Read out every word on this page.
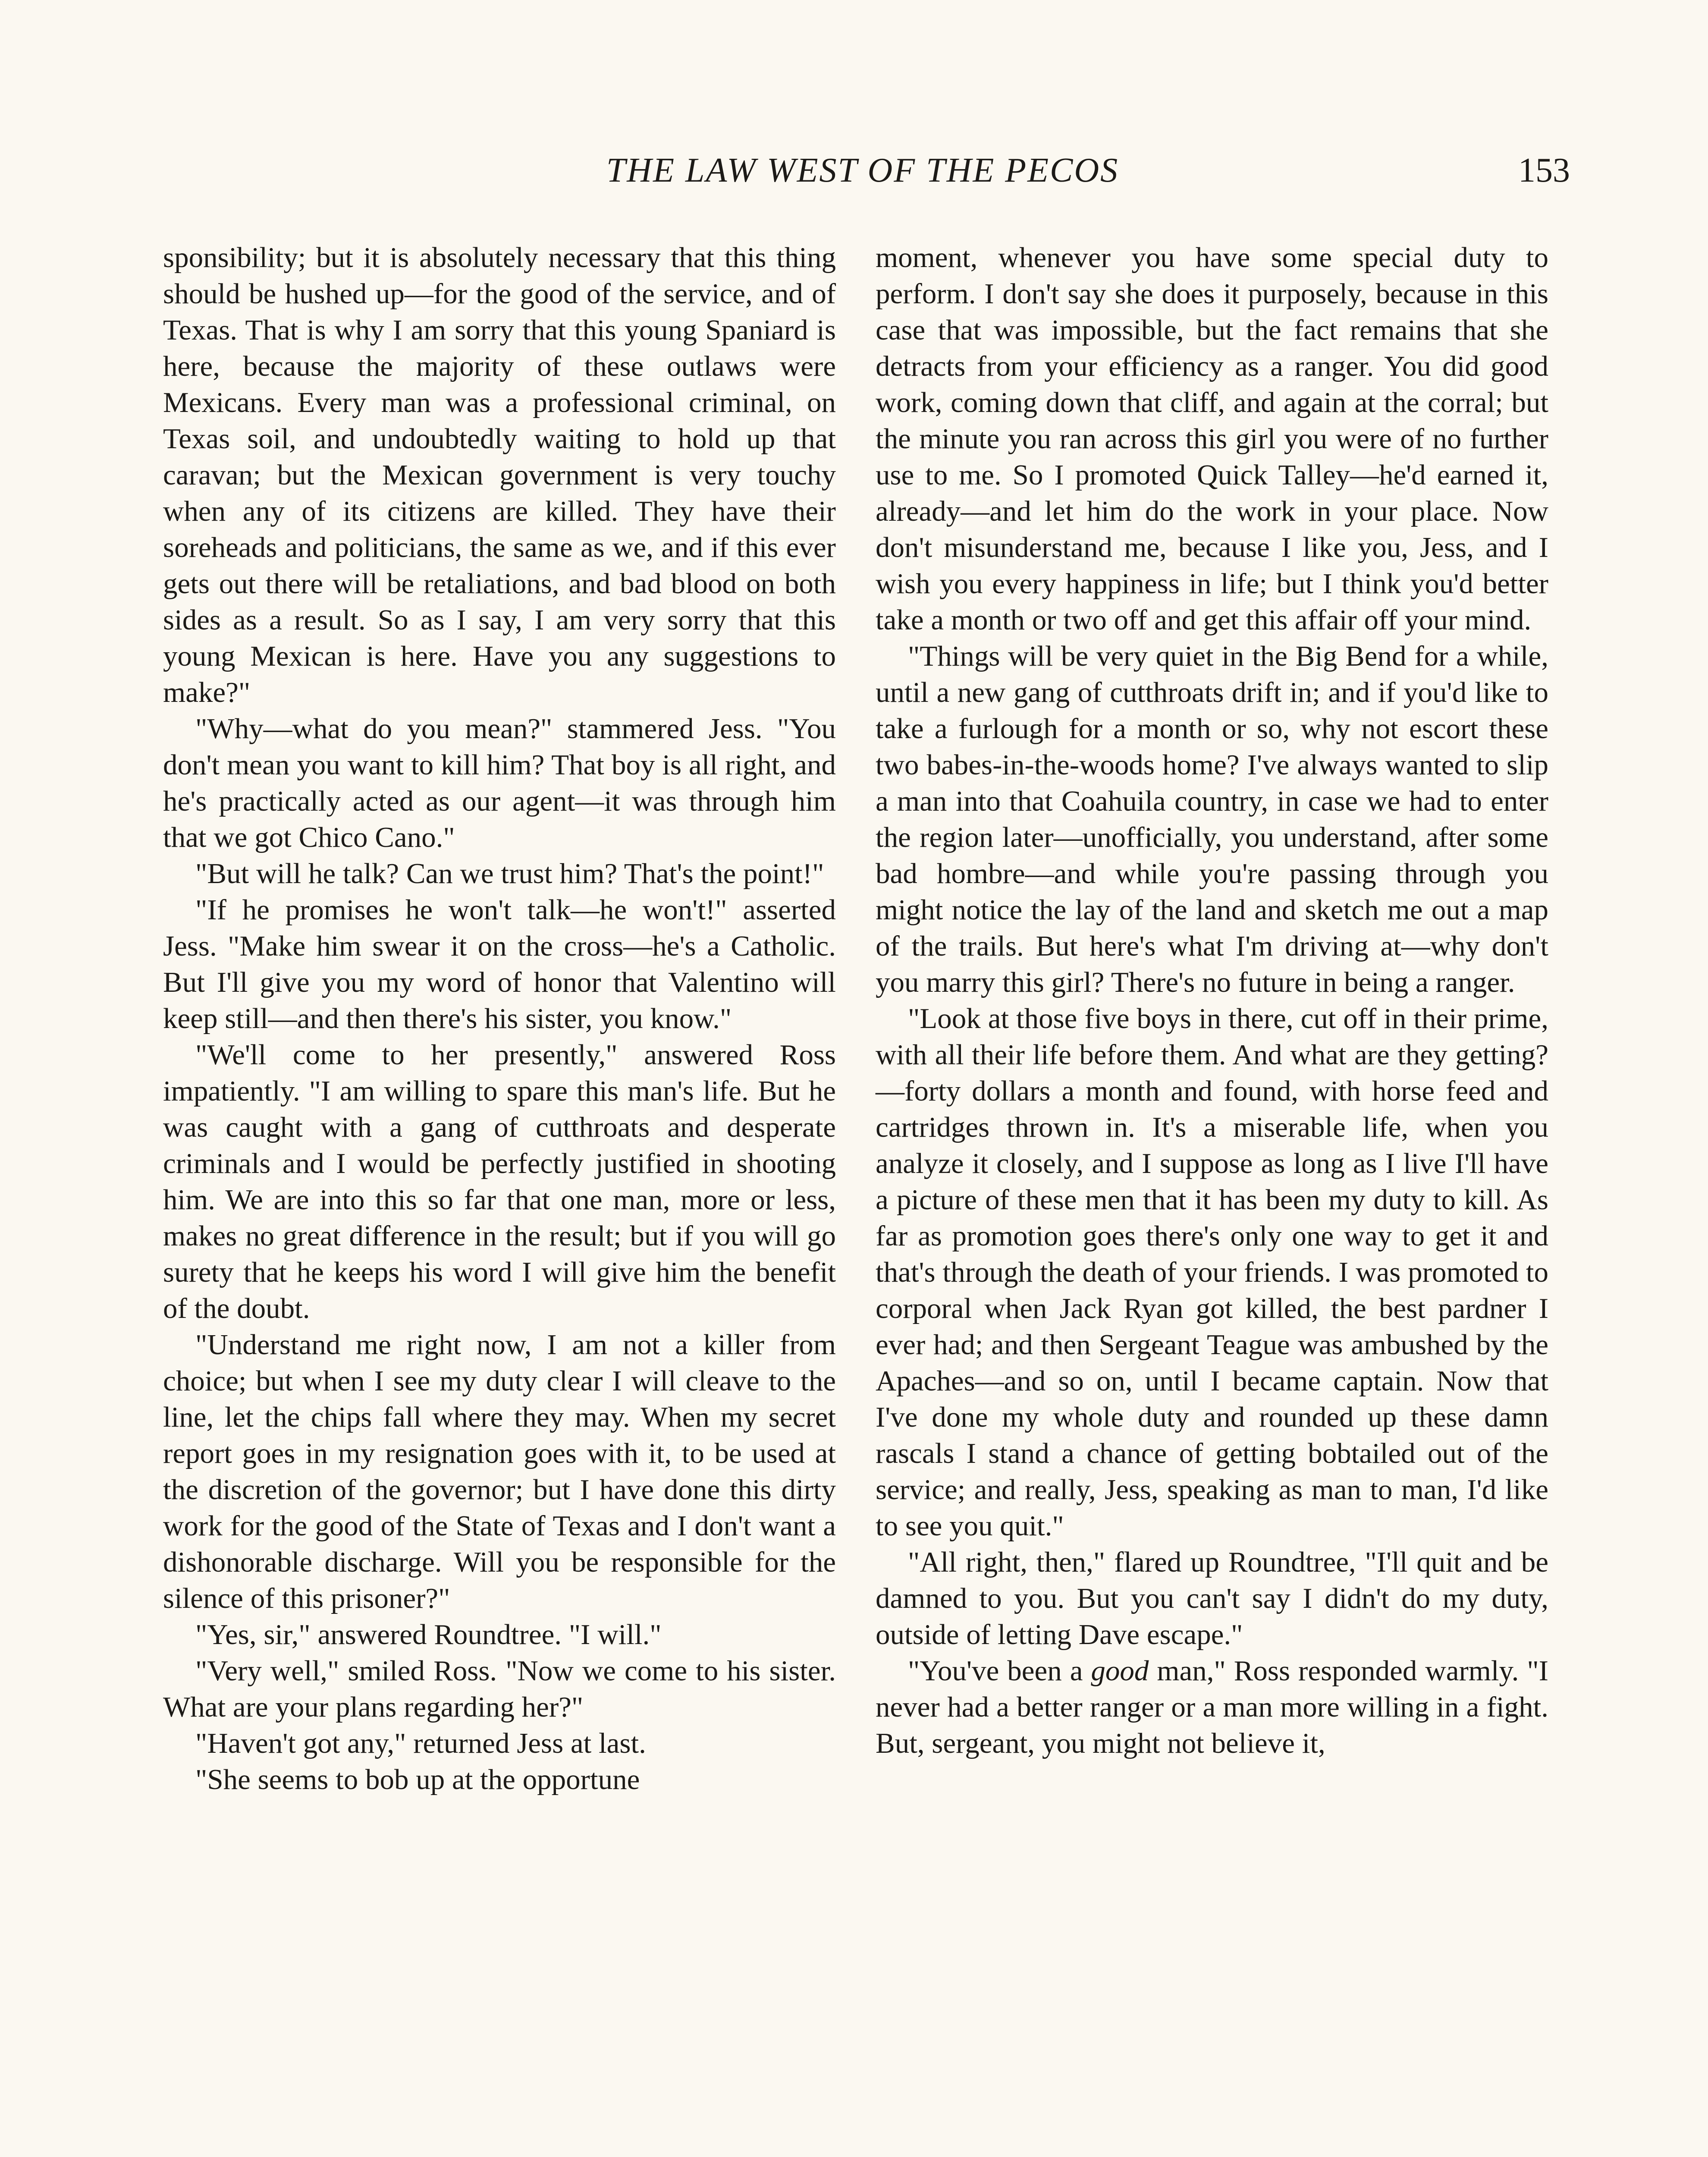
THE LAW WEST OF THE PECOS	153

sponsibility; but it is absolutely necessary that this thing should be hushed up—for the good of the service, and of Texas. That is why I am sorry that this young Spaniard is here, because the majority of these outlaws were Mexicans. Every man was a professional criminal, on Texas soil, and undoubtedly waiting to hold up that caravan; but the Mexican government is very touchy when any of its citizens are killed. They have their soreheads and politicians, the same as we, and if this ever gets out there will be retaliations, and bad blood on both sides as a result. So as I say, I am very sorry that this young Mexican is here. Have you any suggestions to make?"

"Why—what do you mean?" stammered Jess. "You don't mean you want to kill him? That boy is all right, and he's practically acted as our agent—it was through him that we got Chico Cano."

"But will he talk? Can we trust him? That's the point!"

"If he promises he won't talk—he won't!" asserted Jess. "Make him swear it on the cross—he's a Catholic. But I'll give you my word of honor that Valentino will keep still—and then there's his sister, you know."

"We'll come to her presently," answered Ross impatiently. "I am willing to spare this man's life. But he was caught with a gang of cutthroats and desperate criminals and I would be perfectly justified in shooting him. We are into this so far that one man, more or less, makes no great difference in the result; but if you will go surety that he keeps his word I will give him the benefit of the doubt.

"Understand me right now, I am not a killer from choice; but when I see my duty clear I will cleave to the line, let the chips fall where they may. When my secret report goes in my resignation goes with it, to be used at the discretion of the governor; but I have done this dirty work for the good of the State of Texas and I don't want a dishonorable discharge. Will you be responsible for the silence of this prisoner?"

"Yes, sir," answered Roundtree. "I will."

"Very well," smiled Ross. "Now we come to his sister. What are your plans regarding her?"

"Haven't got any," returned Jess at last.

"She seems to bob up at the opportune

moment, whenever you have some special duty to perform. I don't say she does it purposely, because in this case that was impossible, but the fact remains that she detracts from your efficiency as a ranger. You did good work, coming down that cliff, and again at the corral; but the minute you ran across this girl you were of no further use to me. So I promoted Quick Talley—he'd earned it, already—and let him do the work in your place. Now don't misunderstand me, because I like you, Jess, and I wish you every happiness in life; but I think you'd better take a month or two off and get this affair off your mind.

"Things will be very quiet in the Big Bend for a while, until a new gang of cutthroats drift in; and if you'd like to take a furlough for a month or so, why not escort these two babes-in-the-woods home? I've always wanted to slip a man into that Coahuila country, in case we had to enter the region later—unofficially, you understand, after some bad hombre—and while you're passing through you might notice the lay of the land and sketch me out a map of the trails. But here's what I'm driving at—why don't you marry this girl? There's no future in being a ranger.

"Look at those five boys in there, cut off in their prime, with all their life before them. And what are they getting?—forty dollars a month and found, with horse feed and cartridges thrown in. It's a miserable life, when you analyze it closely, and I suppose as long as I live I'll have a picture of these men that it has been my duty to kill. As far as promotion goes there's only one way to get it and that's through the death of your friends. I was promoted to corporal when Jack Ryan got killed, the best pardner I ever had; and then Sergeant Teague was ambushed by the Apaches—and so on, until I became captain. Now that I've done my whole duty and rounded up these damn rascals I stand a chance of getting bobtailed out of the service; and really, Jess, speaking as man to man, I'd like to see you quit."

"All right, then," flared up Roundtree, "I'll quit and be damned to you. But you can't say I didn't do my duty, outside of letting Dave escape."

"You've been a good man," Ross responded warmly. "I never had a better ranger or a man more willing in a fight. But, sergeant, you might not believe it,
